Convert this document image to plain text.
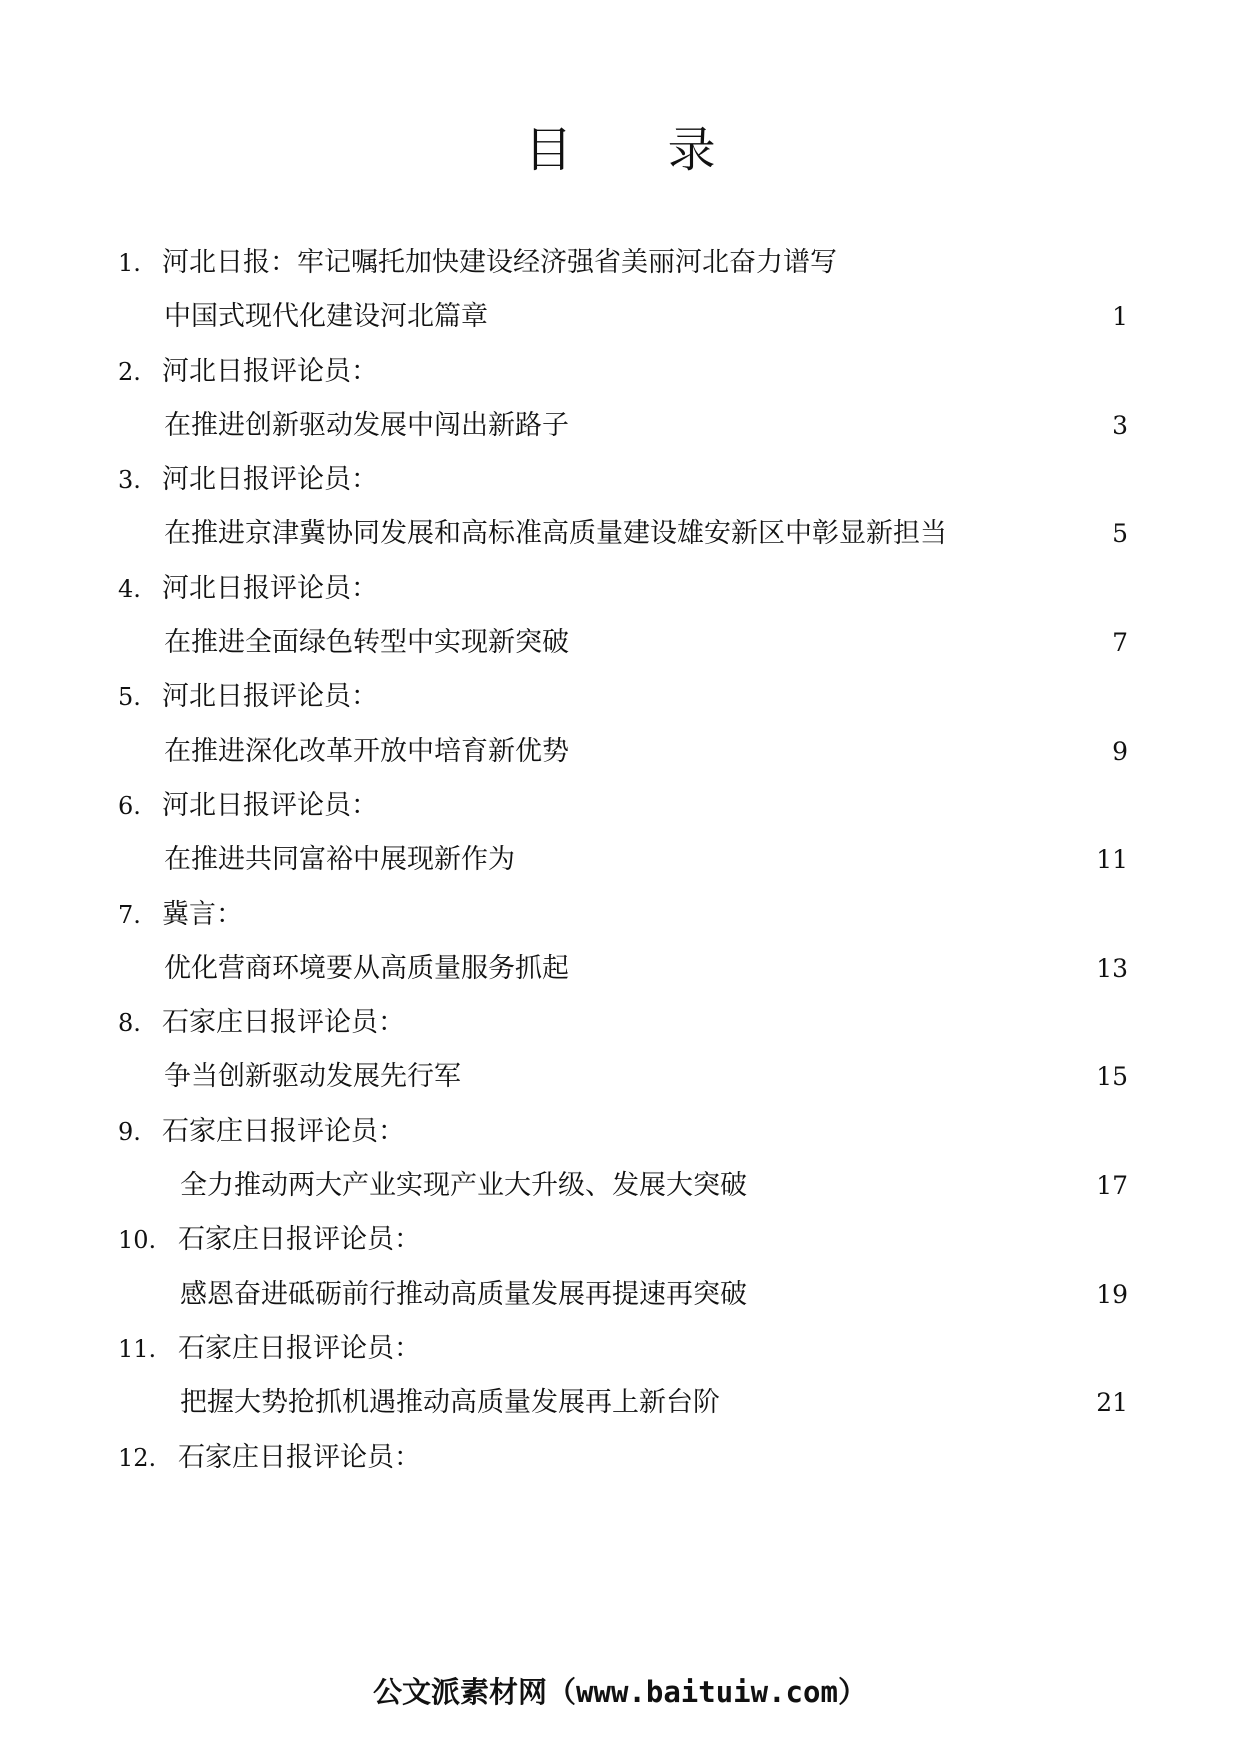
目 录
1. 河北日报：牢记嘱托加快建设经济强省美丽河北奋力谱写
中国式现代化建设河北篇章	1
2. 河北日报评论员：
在推进创新驱动发展中闯出新路子	3
3. 河北日报评论员：
在推进京津冀协同发展和高标准高质量建设雄安新区中彰显新担当	5
4. 河北日报评论员：
在推进全面绿色转型中实现新突破	7
5. 河北日报评论员：
在推进深化改革开放中培育新优势	9
6. 河北日报评论员：
在推进共同富裕中展现新作为	11
7. 冀言：
优化营商环境要从高质量服务抓起	13
8. 石家庄日报评论员：
争当创新驱动发展先行军	15
9. 石家庄日报评论员：
全力推动两大产业实现产业大升级、发展大突破	17
10. 石家庄日报评论员：
感恩奋进砥砺前行推动高质量发展再提速再突破	19
11. 石家庄日报评论员：
把握大势抢抓机遇推动高质量发展再上新台阶	21
12. 石家庄日报评论员：
公文派素材网（www.baituiw.com）
